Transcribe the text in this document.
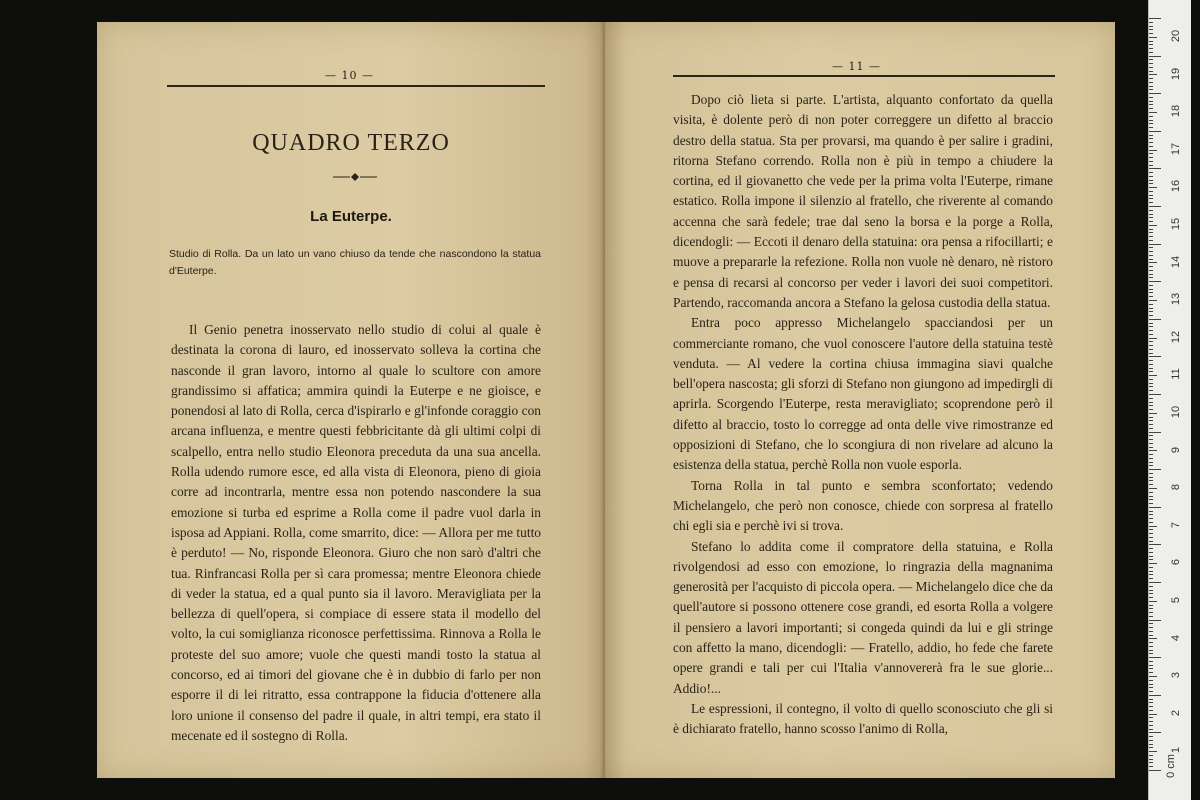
— 10 —
QUADRO TERZO
La Euterpe.
Studio di Rolla. Da un lato un vano chiuso da tende che nascondono la statua d'Euterpe.

Il Genio penetra inosservato nello studio di colui al quale è destinata la corona di lauro, ed inosservato solleva la cortina che nasconde il gran lavoro, intorno al quale lo scultore con amore grandissimo si affatica; ammira quindi la Euterpe e ne gioisce, e ponendosi al lato di Rolla, cerca d'ispirarlo e gl'infonde coraggio con arcana influenza, e mentre questi febbricitante dà gli ultimi colpi di scalpello, entra nello studio Eleonora preceduta da una sua ancella. Rolla udendo rumore esce, ed alla vista di Eleonora, pieno di gioia corre ad incontrarla, mentre essa non potendo nascondere la sua emozione si turba ed esprime a Rolla come il padre vuol darla in isposa ad Appiani. Rolla, come smarrito, dice: — Allora per me tutto è perduto! — No, risponde Eleonora. Giuro che non sarò d'altri che tua. Rinfrancasi Rolla per sì cara promessa; mentre Eleonora chiede di veder la statua, ed a qual punto sia il lavoro. Meravigliata per la bellezza di quell'opera, si compiace di essere stata il modello del volto, la cui somiglianza riconosce perfettissima. Rinnova a Rolla le proteste del suo amore; vuole che questi mandi tosto la statua al concorso, ed ai timori del giovane che è in dubbio di farlo per non esporre il di lei ritratto, essa contrappone la fiducia d'ottenere alla loro unione il consenso del padre il quale, in altri tempi, era stato il mecenate ed il sostegno di Rolla.

— 11 —

Dopo ciò lieta si parte. L'artista, alquanto confortato da quella visita, è dolente però di non poter correggere un difetto al braccio destro della statua. Sta per provarsi, ma quando è per salire i gradini, ritorna Stefano correndo. Rolla non è più in tempo a chiudere la cortina, ed il giovanetto che vede per la prima volta l'Euterpe, rimane estatico. Rolla impone il silenzio al fratello, che riverente al comando accenna che sarà fedele; trae dal seno la borsa e la porge a Rolla, dicendogli: — Eccoti il denaro della statuina: ora pensa a rifocillarti; e muove a prepararle la refezione. Rolla non vuole nè denaro, nè ristoro e pensa di recarsi al concorso per veder i lavori dei suoi competitori. Partendo, raccomanda ancora a Stefano la gelosa custodia della statua.

Entra poco appresso Michelangelo spacciandosi per un commerciante romano, che vuol conoscere l'autore della statuina testè venduta. — Al vedere la cortina chiusa immagina siavi qualche bell'opera nascosta; gli sforzi di Stefano non giungono ad impedirgli di aprirla. Scorgendo l'Euterpe, resta meravigliato; scoprendone però il difetto al braccio, tosto lo corregge ad onta delle vive rimostranze ed opposizioni di Stefano, che lo scongiura di non rivelare ad alcuno la esistenza della statua, perchè Rolla non vuole esporla.

Torna Rolla in tal punto e sembra sconfortato; vedendo Michelangelo, che però non conosce, chiede con sorpresa al fratello chi egli sia e perchè ivi si trova.

Stefano lo addita come il compratore della statuina, e Rolla rivolgendosi ad esso con emozione, lo ringrazia della magnanima generosità per l'acquisto di piccola opera. — Michelangelo dice che da quell'autore si possono ottenere cose grandi, ed esorta Rolla a volgere il pensiero a lavori importanti; si congeda quindi da lui e gli stringe con affetto la mano, dicendogli: — Fratello, addio, ho fede che farete opere grandi e tali per cui l'Italia v'annovererà fra le sue glorie... Addio!...

Le espressioni, il contegno, il volto di quello sconosciuto che gli si è dichiarato fratello, hanno scosso l'animo di Rolla,

0 cm
20
19
18
17
16
15
14
13
12
11
10
9
8
7
6
5
4
3
2
1
